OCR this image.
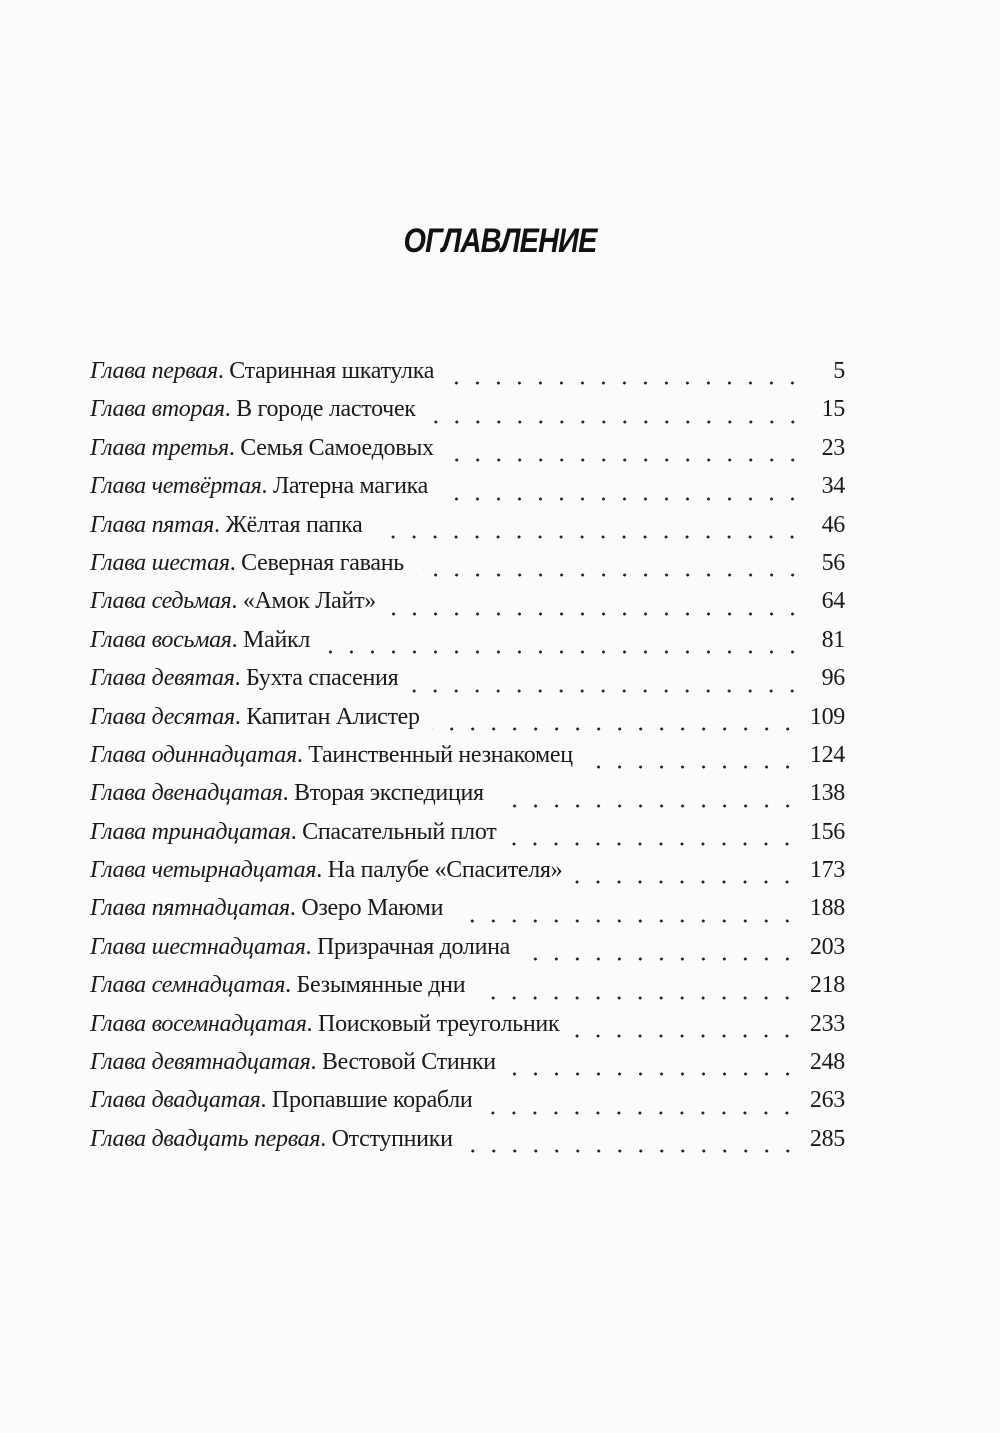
ОГЛАВЛЕНИЕ
Глава первая . Старинная шкатулка	5
Глава вторая . В городе ласточек	15
Глава третья . Семья Самоедовых	23
Глава четвёртая . Латерна магика	34
Глава пятая . Жёлтая папка	46
Глава шестая . Северная гавань	56
Глава седьмая . «Амок Лайт»	64
Глава восьмая . Майкл	81
Глава девятая . Бухта спасения	96
Глава десятая . Капитан Алистер	109
Глава одиннадцатая . Таинственный незнакомец	124
Глава двенадцатая . Вторая экспедиция	138
Глава тринадцатая . Спасательный плот	156
Глава четырнадцатая . На палубе «Спасителя»	173
Глава пятнадцатая . Озеро Маюми	188
Глава шестнадцатая . Призрачная долина	203
Глава семнадцатая . Безымянные дни	218
Глава восемнадцатая . Поисковый треугольник	233
Глава девятнадцатая . Вестовой Стинки	248
Глава двадцатая . Пропавшие корабли	263
Глава двадцать первая . Отступники	285
